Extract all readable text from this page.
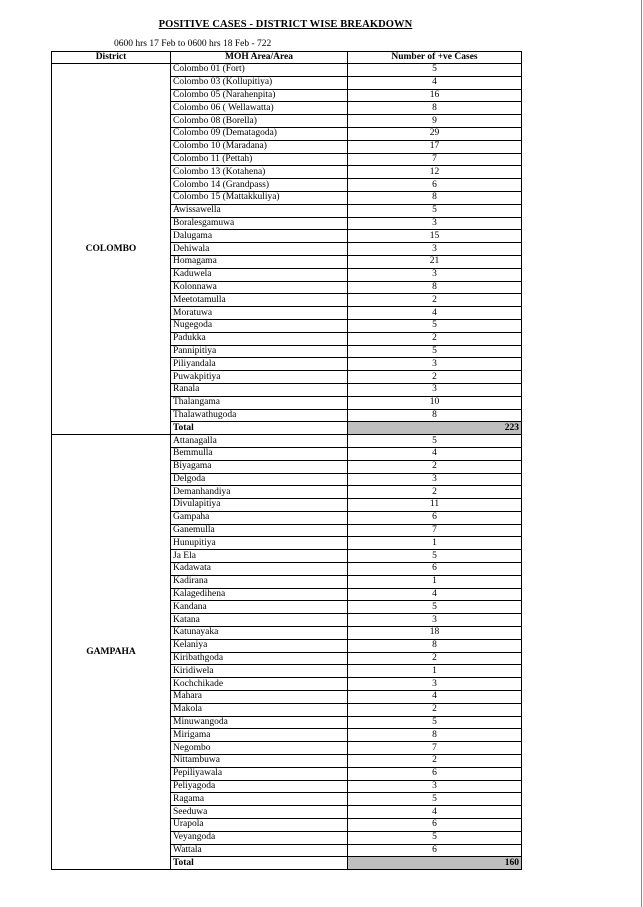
POSITIVE CASES - DISTRICT WISE BREAKDOWN
0600 hrs 17 Feb to 0600 hrs 18 Feb - 722
District	MOH Area/Area	Number of +ve Cases
COLOMBO	Colombo 01 (Fort)	5
	Colombo 03 (Kollupitiya)	4
	Colombo 05 (Narahenpita)	16
	Colombo 06 ( Wellawatta)	8
	Colombo 08 (Borella)	9
	Colombo 09 (Dematagoda)	29
	Colombo 10 (Maradana)	17
	Colombo 11 (Pettah)	7
	Colombo 13 (Kotahena)	12
	Colombo 14 (Grandpass)	6
	Colombo 15 (Mattakkuliya)	8
	Awissawella	5
	Boralesgamuwa	3
	Dalugama	15
	Dehiwala	3
	Homagama	21
	Kaduwela	3
	Kolonnawa	8
	Meetotamulla	2
	Moratuwa	4
	Nugegoda	5
	Padukka	2
	Pannipitiya	5
	Piliyandala	3
	Puwakpitiya	2
	Ranala	3
	Thalangama	10
	Thalawathugoda	8
	Total	223
GAMPAHA	Attanagalla	5
	Bemmulla	4
	Biyagama	2
	Delgoda	3
	Demanhandiya	2
	Divulapitiya	11
	Gampaha	6
	Ganemulla	7
	Hunupitiya	1
	Ja Ela	5
	Kadawata	6
	Kadirana	1
	Kalagedihena	4
	Kandana	5
	Katana	3
	Katunayaka	18
	Kelaniya	8
	Kiribathgoda	2
	Kiridiwela	1
	Kochchikade	3
	Mahara	4
	Makola	2
	Minuwangoda	5
	Mirigama	8
	Negombo	7
	Nittambuwa	2
	Pepiliyawala	6
	Peliyagoda	3
	Ragama	5
	Seeduwa	4
	Urapola	6
	Veyangoda	5
	Wattala	6
	Total	160
